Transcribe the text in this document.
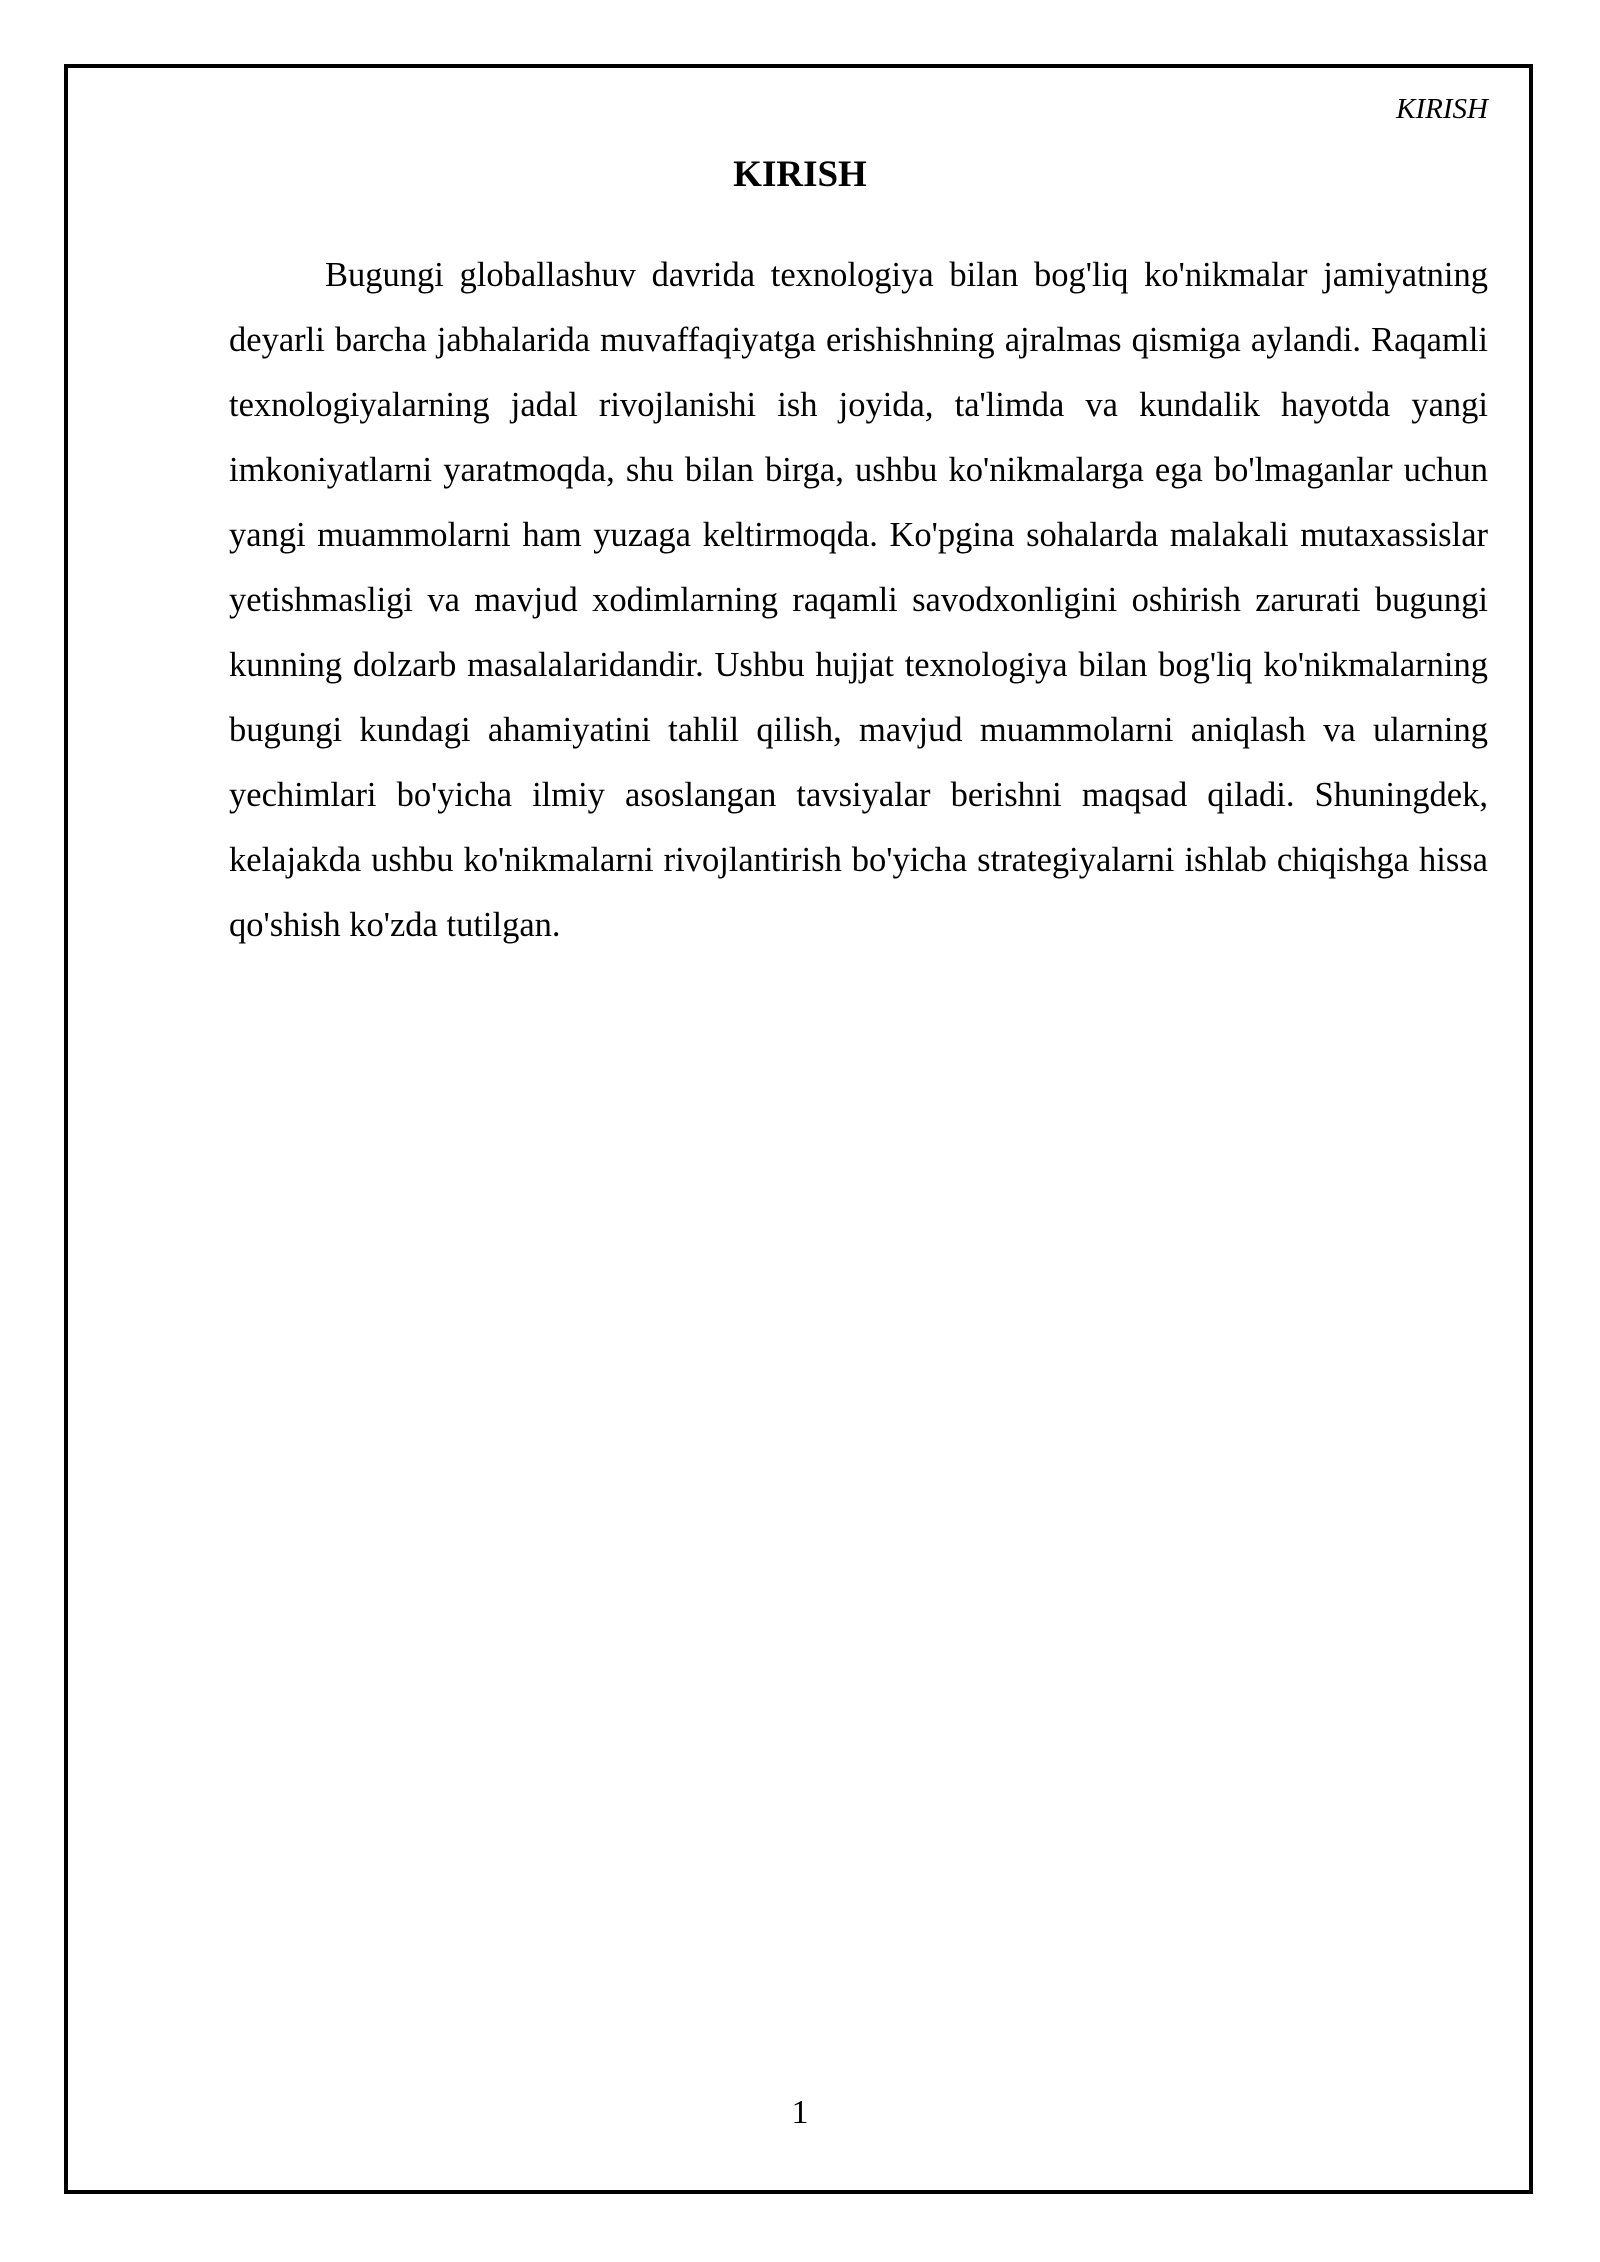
KIRISH
KIRISH

Bugungi globallashuv davrida texnologiya bilan bog'liq ko'nikmalar jamiyatning deyarli barcha jabhalarida muvaffaqiyatga erishishning ajralmas qismiga aylandi. Raqamli texnologiyalarning jadal rivojlanishi ish joyida, ta'limda va kundalik hayotda yangi imkoniyatlarni yaratmoqda, shu bilan birga, ushbu ko'nikmalarga ega bo'lmaganlar uchun yangi muammolarni ham yuzaga keltirmoqda. Ko'pgina sohalarda malakali mutaxassislar yetishmasligi va mavjud xodimlarning raqamli savodxonligini oshirish zarurati bugungi kunning dolzarb masalalaridandir. Ushbu hujjat texnologiya bilan bog'liq ko'nikmalarning bugungi kundagi ahamiyatini tahlil qilish, mavjud muammolarni aniqlash va ularning yechimlari bo'yicha ilmiy asoslangan tavsiyalar berishni maqsad qiladi. Shuningdek, kelajakda ushbu ko'nikmalarni rivojlantirish bo'yicha strategiyalarni ishlab chiqishga hissa qo'shish ko'zda tutilgan.

1
